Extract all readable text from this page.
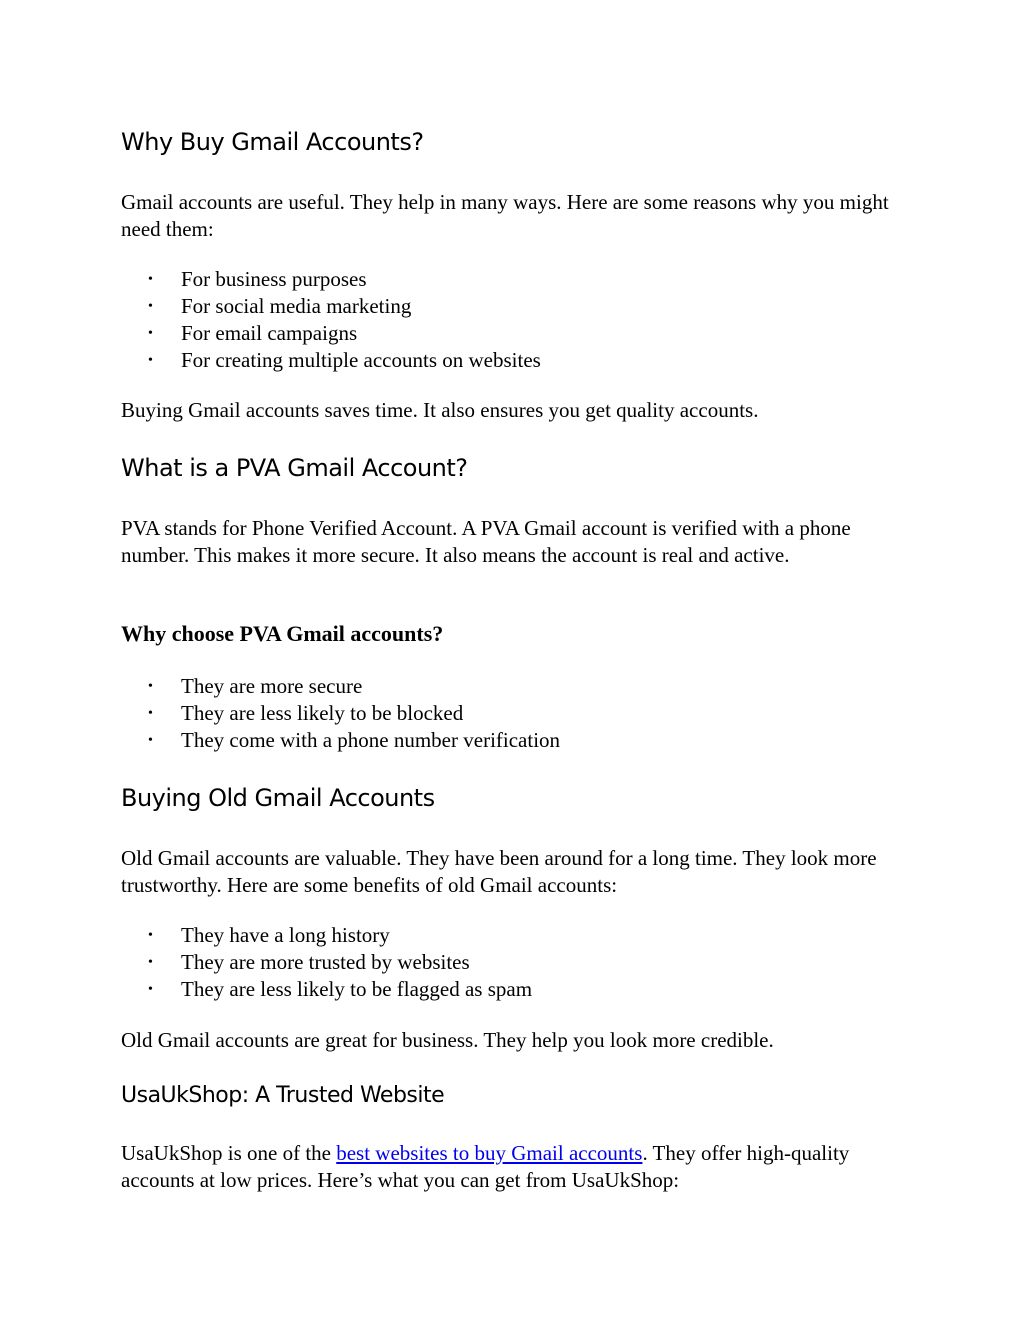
Why Buy Gmail Accounts?

Gmail accounts are useful. They help in many ways. Here are some reasons why you might need them:

• For business purposes
• For social media marketing
• For email campaigns
• For creating multiple accounts on websites

Buying Gmail accounts saves time. It also ensures you get quality accounts.

What is a PVA Gmail Account?

PVA stands for Phone Verified Account. A PVA Gmail account is verified with a phone number. This makes it more secure. It also means the account is real and active.

Why choose PVA Gmail accounts?
• They are more secure
• They are less likely to be blocked
• They come with a phone number verification
Buying Old Gmail Accounts

Old Gmail accounts are valuable. They have been around for a long time. They look more trustworthy. Here are some benefits of old Gmail accounts:

• They have a long history
• They are more trusted by websites
• They are less likely to be flagged as spam

Old Gmail accounts are great for business. They help you look more credible.

UsaUkShop: A Trusted Website

UsaUkShop is one of the best websites to buy Gmail accounts. They offer high-quality accounts at low prices. Here’s what you can get from UsaUkShop:
